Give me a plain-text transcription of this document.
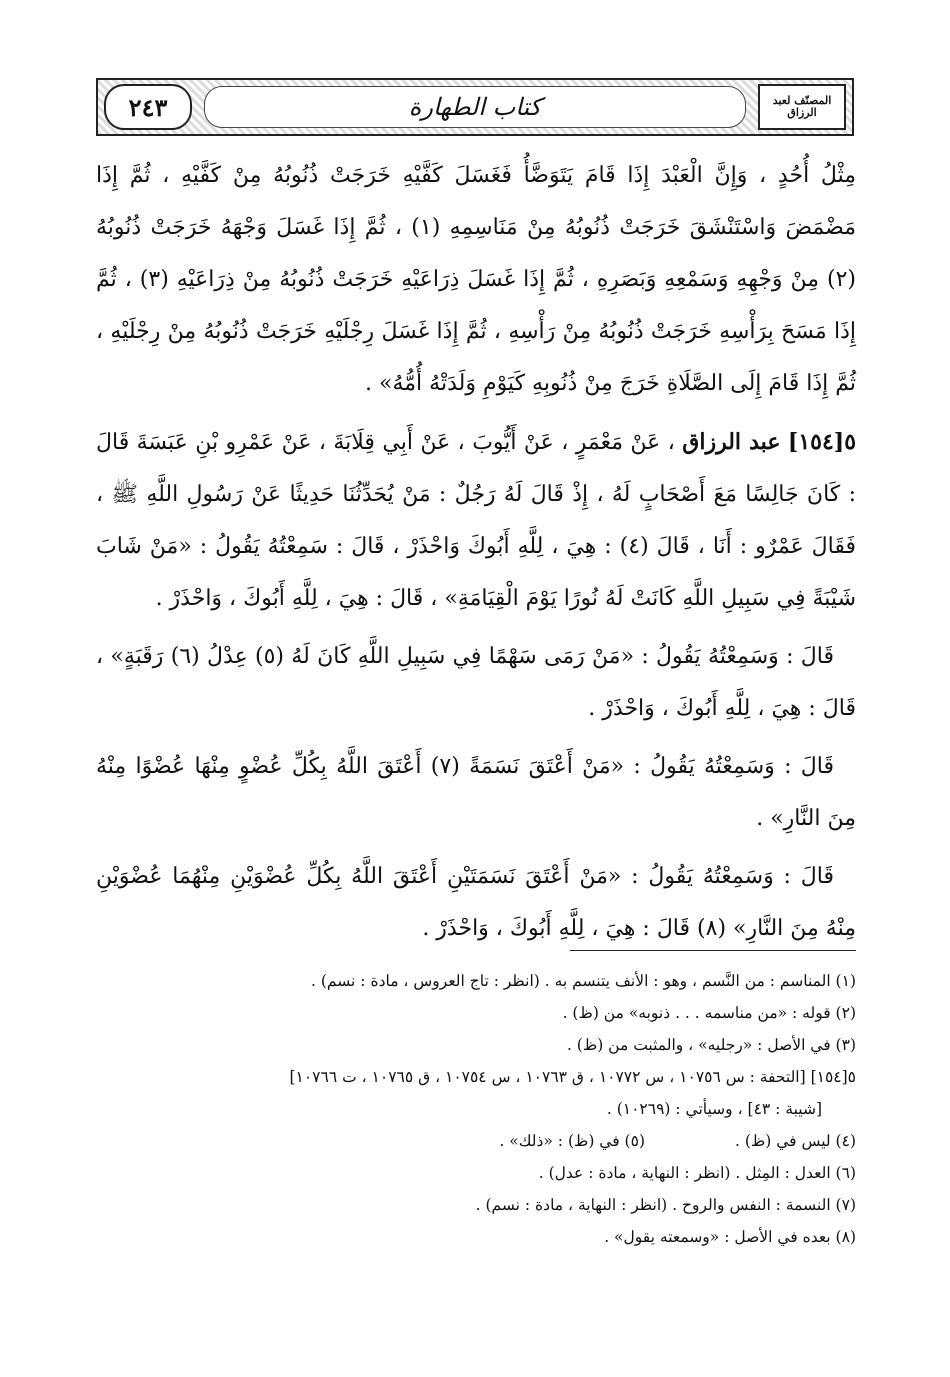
٢٤٣	كتاب الطهارة	المصنّف لعبد الرزاق

مِثْلُ أُحُدٍ ، وَإِنَّ الْعَبْدَ إِذَا قَامَ يَتَوَضَّأُ فَغَسَلَ كَفَّيْهِ خَرَجَتْ ذُنُوبُهُ مِنْ كَفَّيْهِ ، ثُمَّ إِذَا مَضْمَضَ وَاسْتَنْشَقَ خَرَجَتْ ذُنُوبُهُ مِنْ مَنَاسِمِهِ (١) ، ثُمَّ إِذَا غَسَلَ وَجْهَهُ خَرَجَتْ ذُنُوبُهُ (٢) مِنْ وَجْهِهِ وَسَمْعِهِ وَبَصَرِهِ ، ثُمَّ إِذَا غَسَلَ ذِرَاعَيْهِ خَرَجَتْ ذُنُوبُهُ مِنْ ذِرَاعَيْهِ (٣) ، ثُمَّ إِذَا مَسَحَ بِرَأْسِهِ خَرَجَتْ ذُنُوبُهُ مِنْ رَأْسِهِ ، ثُمَّ إِذَا غَسَلَ رِجْلَيْهِ خَرَجَتْ ذُنُوبُهُ مِنْ رِجْلَيْهِ ، ثُمَّ إِذَا قَامَ إِلَى الصَّلَاةِ خَرَجَ مِنْ ذُنُوبِهِ كَيَوْمِ وَلَدَتْهُ أُمُّهُ» .

٥[١٥٤] عبد الرزاق ، عَنْ مَعْمَرٍ ، عَنْ أَيُّوبَ ، عَنْ أَبِي قِلَابَةَ ، عَنْ عَمْرِو بْنِ عَبَسَةَ قَالَ : كَانَ جَالِسًا مَعَ أَصْحَابٍ لَهُ ، إِذْ قَالَ لَهُ رَجُلٌ : مَنْ يُحَدِّثُنَا حَدِيثًا عَنْ رَسُولِ اللَّهِ ﷺ ، فَقَالَ عَمْرٌو : أَنَا ، قَالَ (٤) : هِيَ ، لِلَّهِ أَبُوكَ وَاحْذَرْ ، قَالَ : سَمِعْتُهُ يَقُولُ : «مَنْ شَابَ شَيْبَةً فِي سَبِيلِ اللَّهِ كَانَتْ لَهُ نُورًا يَوْمَ الْقِيَامَةِ» ، قَالَ : هِيَ ، لِلَّهِ أَبُوكَ ، وَاحْذَرْ .

قَالَ : وَسَمِعْتُهُ يَقُولُ : «مَنْ رَمَى سَهْمًا فِي سَبِيلِ اللَّهِ كَانَ لَهُ (٥) عِدْلُ (٦) رَقَبَةٍ» ، قَالَ : هِيَ ، لِلَّهِ أَبُوكَ ، وَاحْذَرْ .

قَالَ : وَسَمِعْتُهُ يَقُولُ : «مَنْ أَعْتَقَ نَسَمَةً (٧) أَعْتَقَ اللَّهُ بِكُلِّ عُضْوٍ مِنْهَا عُضْوًا مِنْهُ مِنَ النَّارِ» .

قَالَ : وَسَمِعْتُهُ يَقُولُ : «مَنْ أَعْتَقَ نَسَمَتَيْنِ أَعْتَقَ اللَّهُ بِكُلِّ عُضْوَيْنِ مِنْهُمَا عُضْوَيْنِ مِنْهُ مِنَ النَّارِ» (٨) قَالَ : هِيَ ، لِلَّهِ أَبُوكَ ، وَاحْذَرْ .

(١) المناسم : من النَّسم ، وهو : الأنف يتنسم به . (انظر : تاج العروس ، مادة : نسم) .
(٢) قوله : «من مناسمه . . . ذنوبه» من (ظ) .
(٣) في الأصل : «رجليه» ، والمثبت من (ظ) .
٥[١٥٤] [التحفة : س ١٠٧٥٦ ، س ١٠٧٧٢ ، ق ١٠٧٦٣ ، س ١٠٧٥٤ ، ق ١٠٧٦٥ ، ت ١٠٧٦٦]
[شيبة : ٤٣] ، وسيأتي : (١٠٢٦٩) .
(٤) ليس في (ظ) .
(٥) في (ظ) : «ذلك» .
(٦) العدل : المِثل . (انظر : النهاية ، مادة : عدل) .
(٧) النسمة : النفس والروح . (انظر : النهاية ، مادة : نسم) .
(٨) بعده في الأصل : «وسمعته يقول» .
